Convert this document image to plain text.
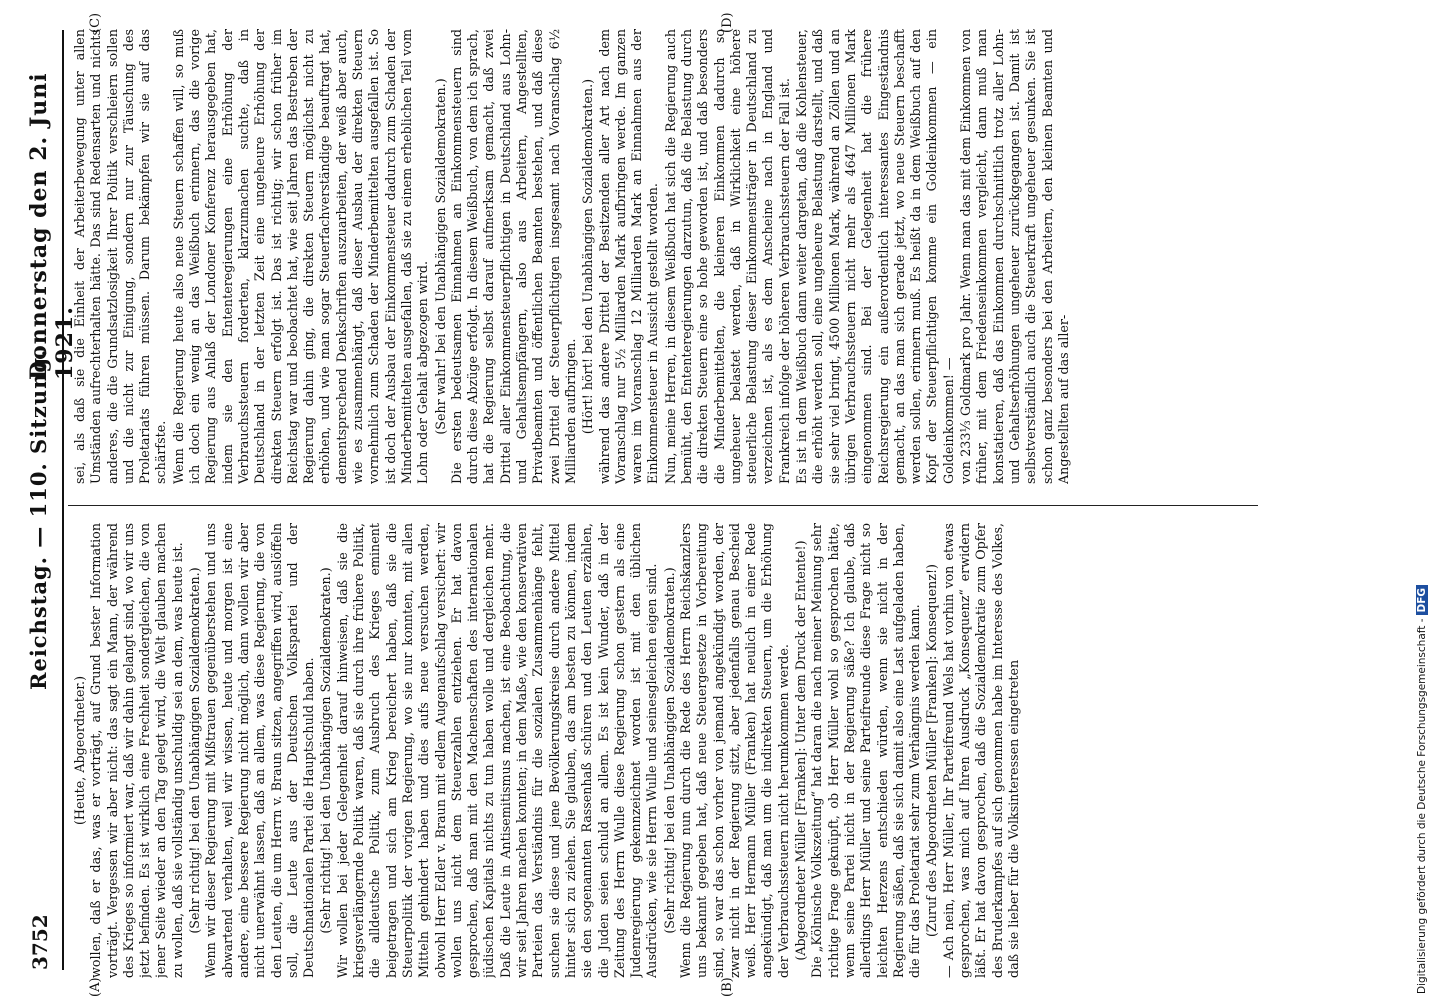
3752
Reichstag. — 110. Sitzung.
Donnerstag den 2. Juni 1921.
(A)	(B)
(C)	(D)

(Heute, Abgeordneter.) wollen, daß er das, was er vorträgt, auf Grund bester Information vorträgt. Vergessen wir aber nicht: das sagt ein Mann, der während des Krieges so informiert war, daß wir dahin gelangt sind, wo wir uns jetzt befinden. Es ist wirklich eine Frechheit sondergleichen, die von jener Seite wieder an den Tag gelegt wird, die Welt glauben machen zu wollen, daß sie vollständig unschuldig sei an dem, was heute ist. (Sehr richtig! bei den Unabhängigen Sozialdemokraten.) Wenn wir dieser Regierung mit Mißtrauen gegenüberstehen und uns abwartend verhalten, weil wir wissen, heute und morgen ist eine andere, eine bessere Regierung nicht möglich, dann wollen wir aber nicht unerwähnt lassen, daß an allem, was diese Regierung, die von den Leuten, die um Herrn v. Braun sitzen, angegriffen wird, auslöffeln soll, die Leute aus der Deutschen Volkspartei und der Deutschnationalen Partei die Hauptschuld haben. (Sehr richtig! bei den Unabhängigen Sozialdemokraten.) Wir wollen bei jeder Gelegenheit darauf hinweisen, daß sie die kriegsverlängernde Politik waren, daß sie durch ihre frühere Politik, die alldeutsche Politik, zum Ausbruch des Krieges eminent beigetragen und sich am Krieg bereichert haben, daß sie die Steuerpolitik der vorigen Regierung, wo sie nur konnten, mit allen Mitteln gehindert haben und dies aufs neue versuchen werden, obwohl Herr Edler v. Braun mit edlem Augenaufschlag versichert: wir wollen uns nicht dem Steuerzahlen entziehen. Er hat davon gesprochen, daß man mit den Machenschaften des internationalen jüdischen Kapitals nichts zu tun haben wolle und dergleichen mehr. Daß die Leute in Antisemitismus machen, ist eine Beobachtung, die wir seit Jahren machen konnten; in dem Maße, wie den konservativen Parteien das Verständnis für die sozialen Zusammenhänge fehlt, suchen sie diese und jene Bevölkerungskreise durch andere Mittel hinter sich zu ziehen. Sie glauben, das am besten zu können, indem sie den sogenannten Rassenhaß schüren und den Leuten erzählen, die Juden seien schuld an allem. Es ist kein Wunder, daß in der Zeitung des Herrn Wulle diese Regierung schon gestern als eine Judenregierung gekennzeichnet worden ist mit den üblichen Ausdrücken, wie sie Herrn Wulle und seinesgleichen eigen sind. (Sehr richtig! bei den Unabhängigen Sozialdemokraten.) Wenn die Regierung nun durch die Rede des Herrn Reichskanzlers uns bekannt gegeben hat, daß neue Steuergesetze in Vorbereitung sind, so war das schon vorher von jemand angekündigt worden, der zwar nicht in der Regierung sitzt, aber jedenfalls genau Bescheid weiß. Herr Hermann Müller (Franken) hat neulich in einer Rede angekündigt, daß man um die indirekten Steuern, um die Erhöhung der Verbrauchssteuern nicht herumkommen werde. (Abgeordneter Müller [Franken]: Unter dem Druck der Entente!) Die „Kölnische Volkszeitung“ hat daran die nach meiner Meinung sehr richtige Frage geknüpft, ob Herr Müller wohl so gesprochen hätte, wenn seine Partei nicht in der Regierung säße? Ich glaube, daß allerdings Herr Müller und seine Parteifreunde diese Frage nicht so leichten Herzens entschieden würden, wenn sie nicht in der Regierung säßen, daß sie sich damit also eine Last aufgeladen haben, die für das Proletariat sehr zum Verhängnis werden kann. (Zuruf des Abgeordneten Müller [Franken]: Konsequenz!) — Ach nein, Herr Müller, Ihr Parteifreund Wels hat vorhin von etwas gesprochen, was mich auf Ihren Ausdruck „Konsequenz“ erwidern läßt. Er hat davon gesprochen, daß die Sozialdemokratie zum Opfer des Bruderkampfes auf sich genommen habe im Interesse des Volkes, daß sie lieber für die Volksinteressen eingetreten

sei, als daß sie die Einheit der Arbeiterbewegung unter allen Umständen aufrechterhalten hätte. Das sind Redensarten und nichts anderes, die die Grundsatzlosigkeit Ihrer Politik verschleiern sollen und die nicht zur Einigung, sondern nur zur Täuschung des Proletariats führen müssen. Darum bekämpfen wir sie auf das schärfste. Wenn die Regierung heute also neue Steuern schaffen will, so muß ich doch ein wenig an das Weißbuch erinnern, das die vorige Regierung aus Anlaß der Londoner Konferenz herausgegeben hat, indem sie den Ententeregierungen eine Erhöhung der Verbrauchssteuern forderten, klarzumachen suchte, daß in Deutschland in der letzten Zeit eine ungeheure Erhöhung der direkten Steuern erfolgt ist. Das ist richtig; wir schon früher im Reichstag war und beobachtet hat, wie seit Jahren das Bestreben der Regierung dahin ging, die direkten Steuern möglichst nicht zu erhöhen, und wie man sogar Steuerfachverständige beauftragt hat, dementsprechend Denkschriften auszuarbeiten, der weiß aber auch, wie es zusammenhängt, daß dieser Ausbau der direkten Steuern vornehmlich zum Schaden der Minderbemittelten ausgefallen ist. So ist doch der Ausbau der Einkommensteuer dadurch zum Schaden der Minderbemittelten ausgefallen, daß sie zu einem erheblichen Teil vom Lohn oder Gehalt abgezogen wird. (Sehr wahr! bei den Unabhängigen Sozialdemokraten.) Die ersten bedeutsamen Einnahmen an Einkommensteuern sind durch diese Abzüge erfolgt. In diesem Weißbuch, von dem ich sprach, hat die Regierung selbst darauf aufmerksam gemacht, daß zwei Drittel aller Einkommensteuerpflichtigen in Deutschland aus Lohn- und Gehaltsempfängern, also aus Arbeitern, Angestellten, Privatbeamten und öffentlichen Beamten bestehen, und daß diese zwei Drittel der Steuerpflichtigen insgesamt nach Voranschlag 6½ Milliarden aufbringen. (Hört! hört! bei den Unabhängigen Sozialdemokraten.) während das andere Drittel der Besitzenden aller Art nach dem Voranschlag nur 5½ Milliarden Mark aufbringen werde. Im ganzen waren im Voranschlag 12 Milliarden Mark an Einnahmen aus der Einkommensteuer in Aussicht gestellt worden. Nun, meine Herren, in diesem Weißbuch hat sich die Regierung auch bemüht, den Ententeregierungen darzutun, daß die Belastung durch die direkten Steuern eine so hohe geworden ist, und daß besonders die Minderbemittelten, die kleineren Einkommen dadurch so ungeheuer belastet werden, daß in Wirklichkeit eine höhere steuerliche Belastung dieser Einkommensträger in Deutschland zu verzeichnen ist, als es dem Anscheine nach in England und Frankreich infolge der höheren Verbrauchssteuern der Fall ist. Es ist in dem Weißbuch dann weiter dargetan, daß die Kohlensteuer, die erhöht werden soll, eine ungeheure Belastung darstellt, und daß sie sehr viel bringt, 4500 Millionen Mark, während an Zöllen und an übrigen Verbrauchssteuern nicht mehr als 4647 Millionen Mark eingenommen sind. Bei der Gelegenheit hat die frühere Reichsregierung ein außerordentlich interessantes Eingeständnis gemacht, an das man sich gerade jetzt, wo neue Steuern beschafft werden sollen, erinnern muß. Es heißt da in dem Weißbuch auf den Kopf der Steuerpflichtigen komme ein Goldeinkommen — ein Goldeinkommen! — von 233⅓ Goldmark pro Jahr. Wenn man das mit dem Einkommen von früher, mit dem Friedenseinkommen vergleicht, dann muß man konstatieren, daß das Einkommen durchschnittlich trotz aller Lohn- und Gehaltserhöhungen ungeheuer zurückgegangen ist. Damit ist selbstverständlich auch die Steuerkraft ungeheuer gesunken. Sie ist schon ganz besonders bei den Arbeitern, den kleinen Beamten und Angestellten auf das aller-

Digitalisierung gefördert durch die Deutsche Forschungsgemeinschaft -DFG
